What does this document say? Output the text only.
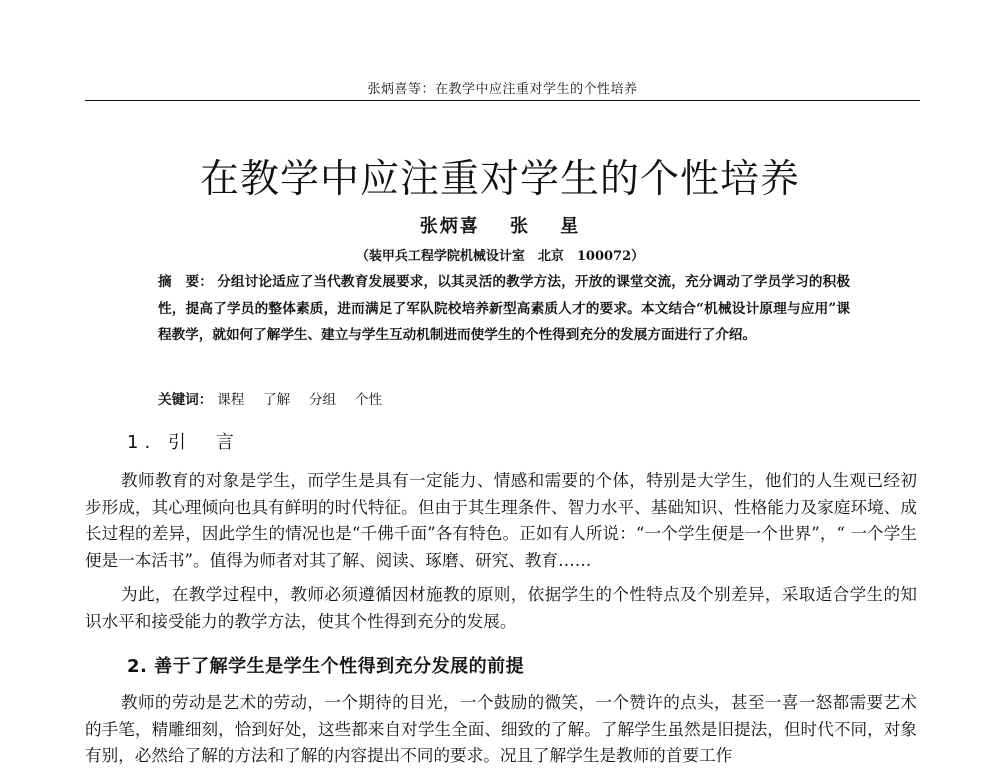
张炳喜等：在教学中应注重对学生的个性培养
在教学中应注重对学生的个性培养
张炳喜 张 星
（装甲兵工程学院机械设计室　北京　100072）

摘　要： 分组讨论适应了当代教育发展要求，以其灵活的教学方法，开放的课堂交流，充分调动了学员学习的积极性，提高了学员的整体素质，进而满足了军队院校培养新型高素质人才的要求。本文结合“机械设计原理与应用”课程教学，就如何了解学生、建立与学生互动机制进而使学生的个性得到充分的发展方面进行了介绍。

关键词： 课程 了解 分组 个性
1. 引　言

教师教育的对象是学生，而学生是具有一定能力、情感和需要的个体，特别是大学生，他们的人生观已经初步形成，其心理倾向也具有鲜明的时代特征。但由于其生理条件、智力水平、基础知识、性格能力及家庭环境、成长过程的差异，因此学生的情况也是“千佛千面”各有特色。正如有人所说：“一个学生便是一个世界”，“ 一个学生便是一本活书”。值得为师者对其了解、阅读、琢磨、研究、教育……

为此，在教学过程中，教师必须遵循因材施教的原则，依据学生的个性特点及个别差异，采取适合学生的知识水平和接受能力的教学方法，使其个性得到充分的发展。

2. 善于了解学生是学生个性得到充分发展的前提

教师的劳动是艺术的劳动，一个期待的目光，一个鼓励的微笑，一个赞许的点头，甚至一喜一怒都需要艺术的手笔，精雕细刻，恰到好处，这些都来自对学生全面、细致的了解。了解学生虽然是旧提法，但时代不同，对象有别，必然给了解的方法和了解的内容提出不同的要求。况且了解学生是教师的首要工作
